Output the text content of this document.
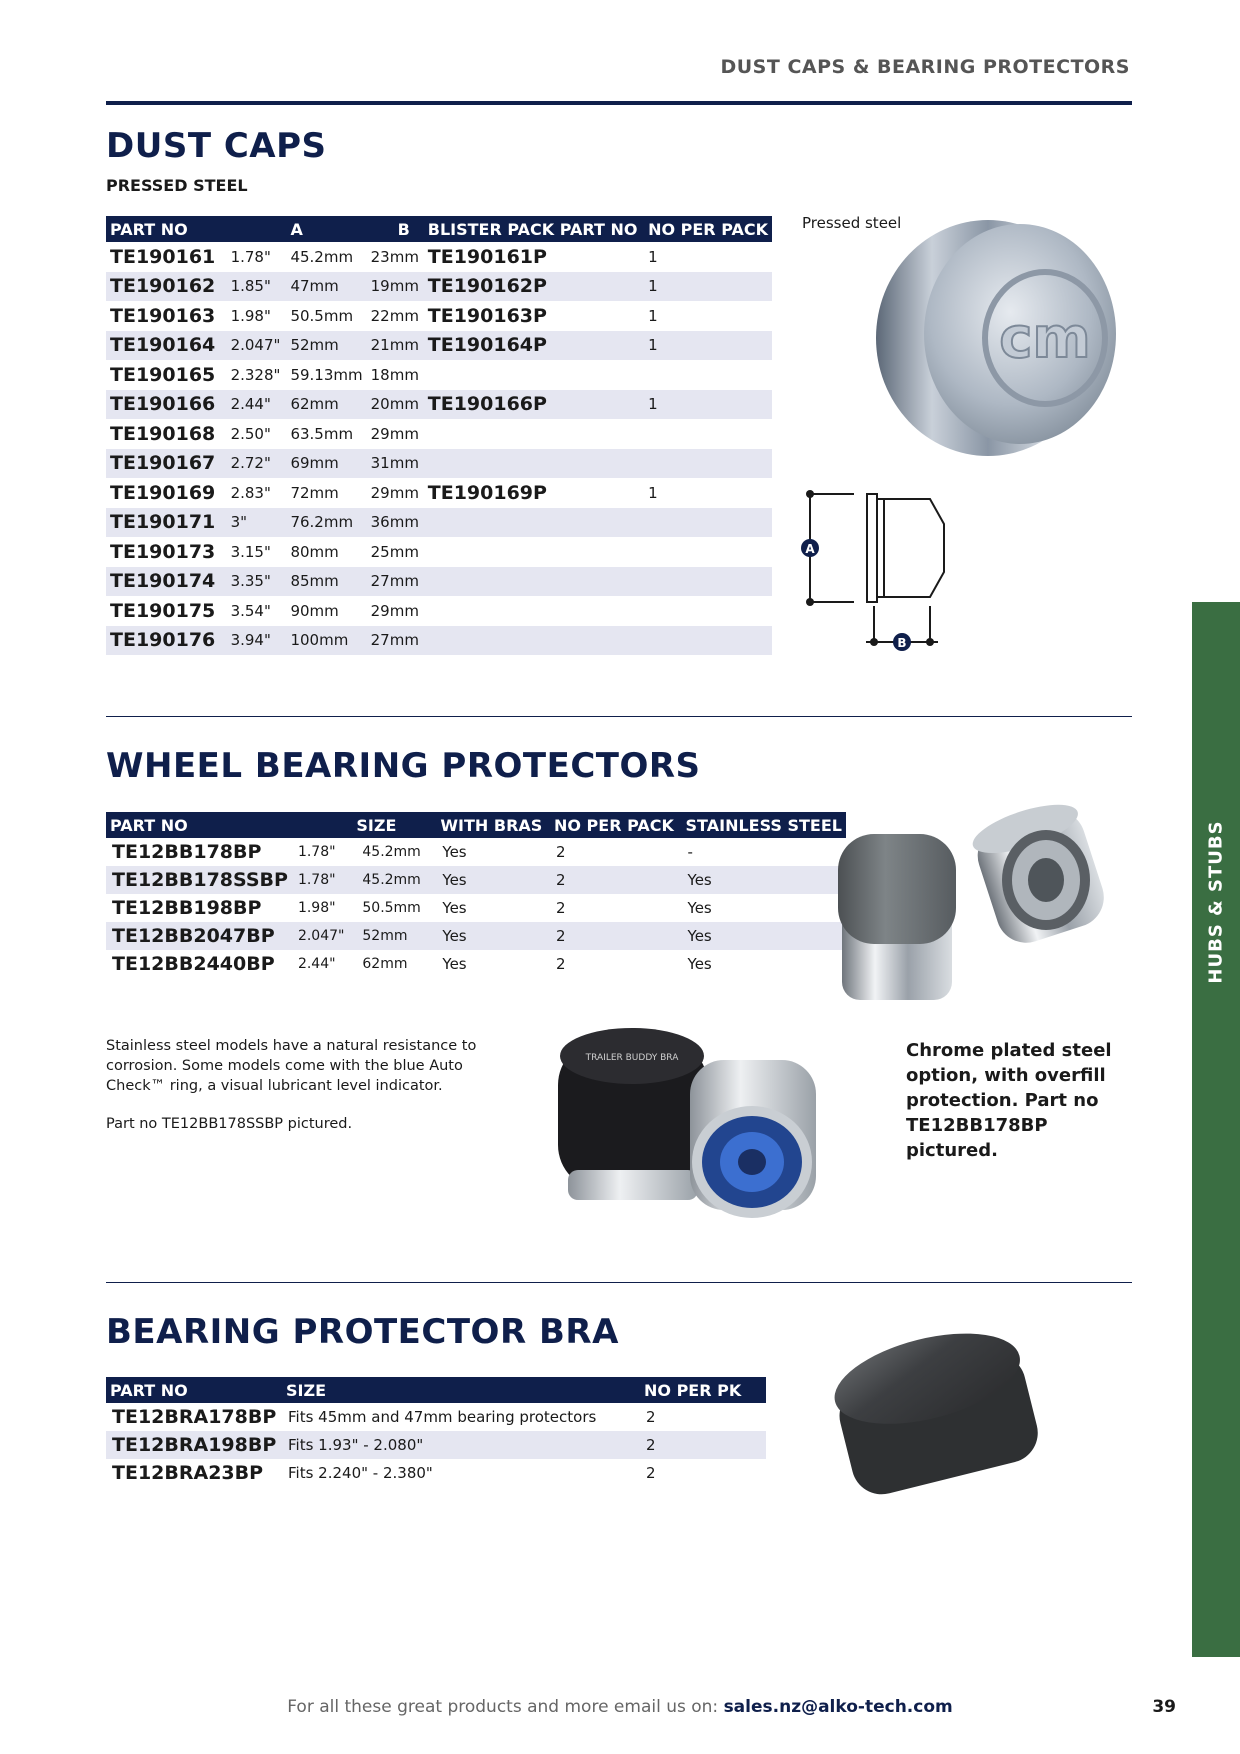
DUST CAPS & BEARING PROTECTORS
DUST CAPS
PRESSED STEEL
PART NO		A	B	BLISTER PACK PART NO	NO PER PACK
TE190161	1.78"	45.2mm	23mm	TE190161P	1
TE190162	1.85"	47mm	19mm	TE190162P	1
TE190163	1.98"	50.5mm	22mm	TE190163P	1
TE190164	2.047"	52mm	21mm	TE190164P	1
TE190165	2.328"	59.13mm	18mm		
TE190166	2.44"	62mm	20mm	TE190166P	1
TE190168	2.50"	63.5mm	29mm		
TE190167	2.72"	69mm	31mm		
TE190169	2.83"	72mm	29mm	TE190169P	1
TE190171	3"	76.2mm	36mm		
TE190173	3.15"	80mm	25mm		
TE190174	3.35"	85mm	27mm		
TE190175	3.54"	90mm	29mm		
TE190176	3.94"	100mm	27mm		
Pressed steel
cm
A
B
WHEEL BEARING PROTECTORS
PART NO		SIZE	WITH BRAS	NO PER PACK	STAINLESS STEEL
TE12BB178BP	1.78"	45.2mm	Yes	2	-
TE12BB178SSBP	1.78"	45.2mm	Yes	2	Yes
TE12BB198BP	1.98"	50.5mm	Yes	2	Yes
TE12BB2047BP	2.047"	52mm	Yes	2	Yes
TE12BB2440BP	2.44"	62mm	Yes	2	Yes
Stainless steel models have a natural resistance to corrosion. Some models come with the blue Auto Check™ ring, a visual lubricant level indicator.
Part no TE12BB178SSBP pictured.
TRAILER BUDDY BRA	Chrome plated steel option, with overfill protection. Part no TE12BB178BP pictured.
BEARING PROTECTOR BRA
PART NO	SIZE	NO PER PK
TE12BRA178BP	Fits 45mm and 47mm bearing protectors	2
TE12BRA198BP	Fits 1.93" - 2.080"	2
TE12BRA23BP	Fits 2.240" - 2.380"	2
HUBS & STUBS
For all these great products and more email us on: sales.nz@alko-tech.com	39
